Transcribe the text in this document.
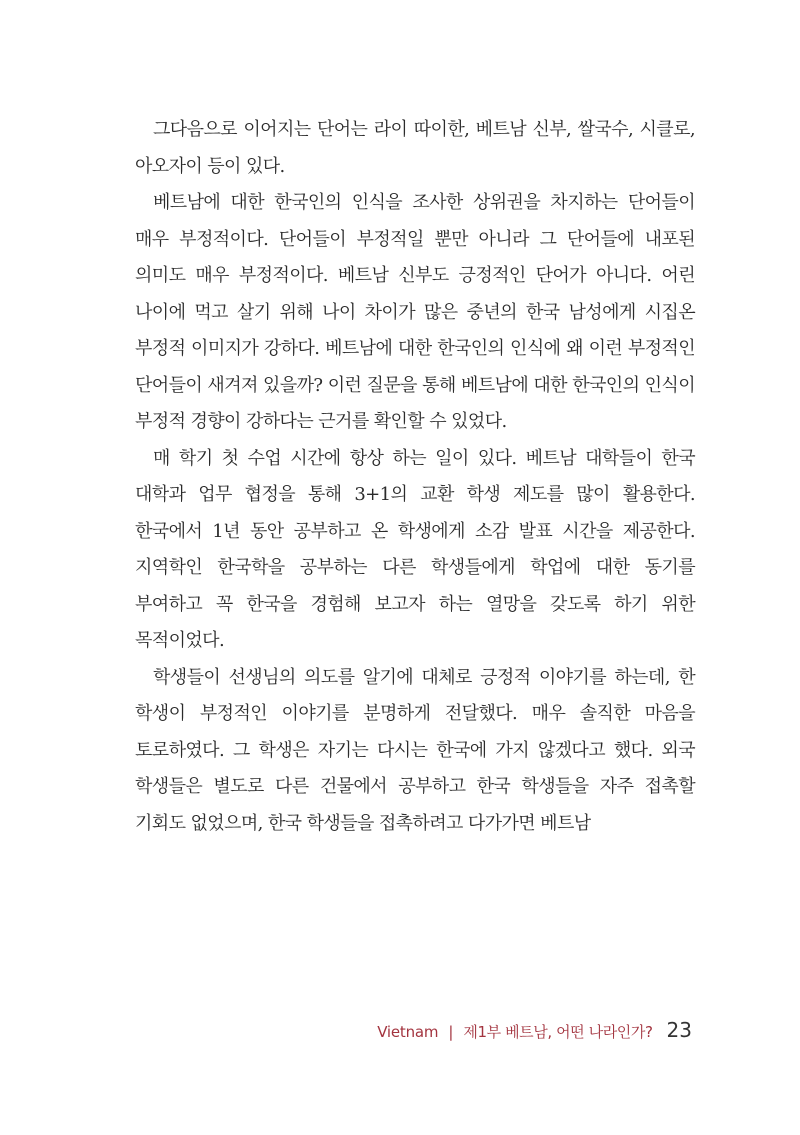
그다음으로 이어지는 단어는 라이 따이한, 베트남 신부, 쌀국수, 시클로, 아오자이 등이 있다.

베트남에 대한 한국인의 인식을 조사한 상위권을 차지하는 단어들이 매우 부정적이다. 단어들이 부정적일 뿐만 아니라 그 단어들에 내포된 의미도 매우 부정적이다. 베트남 신부도 긍정적인 단어가 아니다. 어린 나이에 먹고 살기 위해 나이 차이가 많은 중년의 한국 남성에게 시집온 부정적 이미지가 강하다. 베트남에 대한 한국인의 인식에 왜 이런 부정적인 단어들이 새겨져 있을까? 이런 질문을 통해 베트남에 대한 한국인의 인식이 부정적 경향이 강하다는 근거를 확인할 수 있었다.

매 학기 첫 수업 시간에 항상 하는 일이 있다. 베트남 대학들이 한국 대학과 업무 협정을 통해 3+1의 교환 학생 제도를 많이 활용한다. 한국에서 1년 동안 공부하고 온 학생에게 소감 발표 시간을 제공한다. 지역학인 한국학을 공부하는 다른 학생들에게 학업에 대한 동기를 부여하고 꼭 한국을 경험해 보고자 하는 열망을 갖도록 하기 위한 목적이었다.

학생들이 선생님의 의도를 알기에 대체로 긍정적 이야기를 하는데, 한 학생이 부정적인 이야기를 분명하게 전달했다. 매우 솔직한 마음을 토로하였다. 그 학생은 자기는 다시는 한국에 가지 않겠다고 했다. 외국 학생들은 별도로 다른 건물에서 공부하고 한국 학생들을 자주 접촉할 기회도 없었으며, 한국 학생들을 접촉하려고 다가가면 베트남

Vietnam | 제1부 베트남, 어떤 나라인가? 23
